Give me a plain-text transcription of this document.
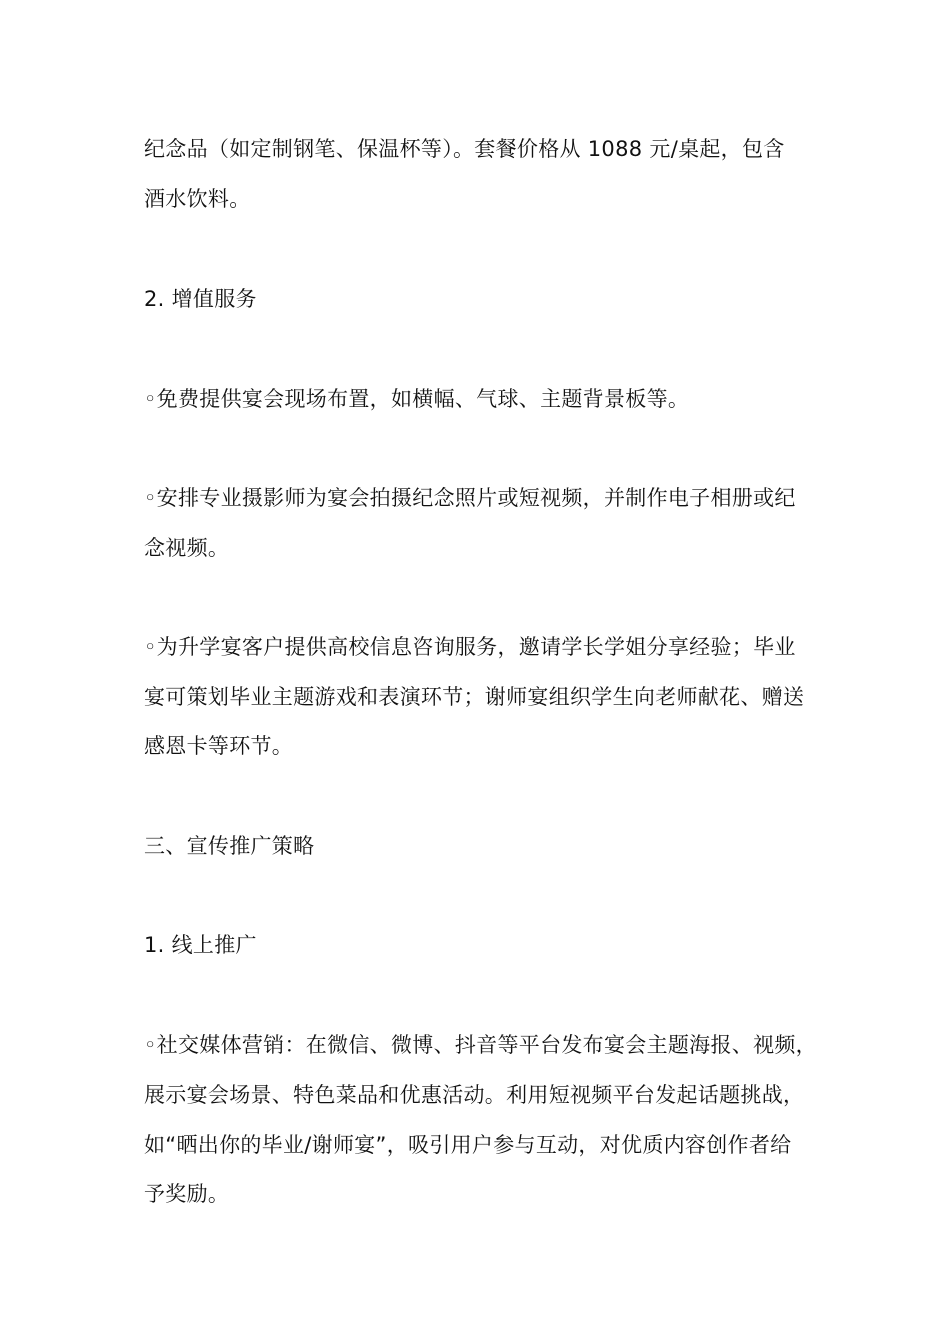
纪念品（如定制钢笔、保温杯等）。套餐价格从 1088 元/桌起，包含
酒水饮料。
2. 增值服务
◦免费提供宴会现场布置，如横幅、气球、主题背景板等。
◦安排专业摄影师为宴会拍摄纪念照片或短视频，并制作电子相册或纪
念视频。
◦为升学宴客户提供高校信息咨询服务，邀请学长学姐分享经验；毕业
宴可策划毕业主题游戏和表演环节；谢师宴组织学生向老师献花、赠送
感恩卡等环节。
三、宣传推广策略
1. 线上推广
◦社交媒体营销：在微信、微博、抖音等平台发布宴会主题海报、视频，
展示宴会场景、特色菜品和优惠活动。利用短视频平台发起话题挑战，
如“晒出你的毕业/谢师宴”，吸引用户参与互动，对优质内容创作者给
予奖励。
